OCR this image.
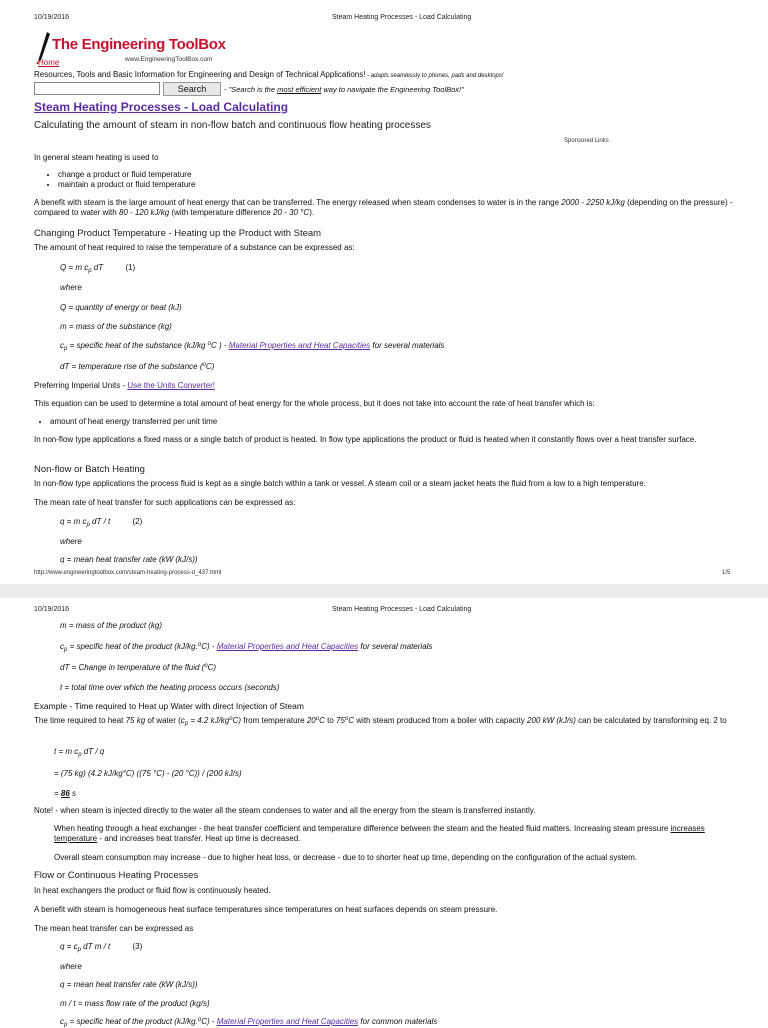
10/19/2016	Steam Heating Processes - Load Calculating
The Engineering ToolBox
www.EngineeringToolBox.com
Home
Resources, Tools and Basic Information for Engineering and Design of Technical Applications! - adapts seamlessly to phones, pads and desktops!
Search	- "Search is the most efficient way to navigate the Engineering ToolBox!"
Steam Heating Processes - Load Calculating
Calculating the amount of steam in non-flow batch and continuous flow heating processes
Sponsored Links
In general steam heating is used to
• change a product or fluid temperature
• maintain a product or fluid temperature
A benefit with steam is the large amount of heat energy that can be transferred. The energy released when steam condenses to water is in the range 2000 - 2250 kJ/kg (depending on the pressure) - compared to water with 80 - 120 kJ/kg (with temperature difference 20 - 30 °C).
Changing Product Temperature - Heating up the Product with Steam
The amount of heat required to raise the temperature of a substance can be expressed as:
Q = m $c_p$ dT	(1)
where
Q = quantity of energy or heat (kJ)
m = mass of the substance (kg)
$c_p$ = specific heat of the substance (kJ/kg $^o$C ) - Material Properties and Heat Capacities for several materials
dT = temperature rise of the substance ($^o$C)
Preferring Imperial Units - Use the Units Converter!
This equation can be used to determine a total amount of heat energy for the whole process, but it does not take into account the rate of heat transfer which is:
• amount of heat energy transferred per unit time
In non-flow type applications a fixed mass or a single batch of product is heated. In flow type applications the product or fluid is heated when it constantly flows over a heat transfer surface.
Non-flow or Batch Heating
In non-flow type applications the process fluid is kept as a single batch within a tank or vessel. A steam coil or a steam jacket heats the fluid from a low to a high temperature.
The mean rate of heat transfer for such applications can be expressed as:
q = m $c_p$ dT / t	(2)
where
q = mean heat transfer rate (kW (kJ/s))
http://www.engineeringtoolbox.com/steam-heating-process-d_437.html	1/5
10/19/2016	Steam Heating Processes - Load Calculating
m = mass of the product (kg)
$c_p$ = specific heat of the product (kJ/kg.$^o$C) - Material Properties and Heat Capacities for several materials
dT = Change in temperature of the fluid ($^o$C)
t = total time over which the heating process occurs (seconds)
Example - Time required to Heat up Water with direct Injection of Steam
The time required to heat 75 kg of water ($c_p = 4.2$ $kJ/kg^oC$) from temperature 20$^o$C to 75$^o$C with steam produced from a boiler with capacity 200 kW (kJ/s) can be calculated by transforming eq. 2 to
t = m $c_p$ dT / q
= (75 kg) (4.2 kJ/kg°C) ((75 °C) - (20 °C)) / (200 kJ/s)
= 86 s
Note! - when steam is injected directly to the water all the steam condenses to water and all the energy from the steam is transferred instantly.
When heating through a heat exchanger - the heat transfer coefficient and temperature difference between the steam and the heated fluid matters. Increasing steam pressure increases temperature - and increases heat transfer. Heat up time is decreased.
Overall steam consumption may increase - due to higher heat loss, or decrease - due to to shorter heat up time, depending on the configuration of the actual system.
Flow or Continuous Heating Processes
In heat exchangers the product or fluid flow is continuously heated.
A benefit with steam is homogeneous heat surface temperatures since temperatures on heat surfaces depends on steam pressure.
The mean heat transfer can be expressed as
$q = c_p$ dT m / t	(3)
where
q = mean heat transfer rate (kW (kJ/s))
m / t = mass flow rate of the product (kg/s)
$c_p$ = specific heat of the product (kJ/kg.$^o$C) - Material Properties and Heat Capacities for common materials
